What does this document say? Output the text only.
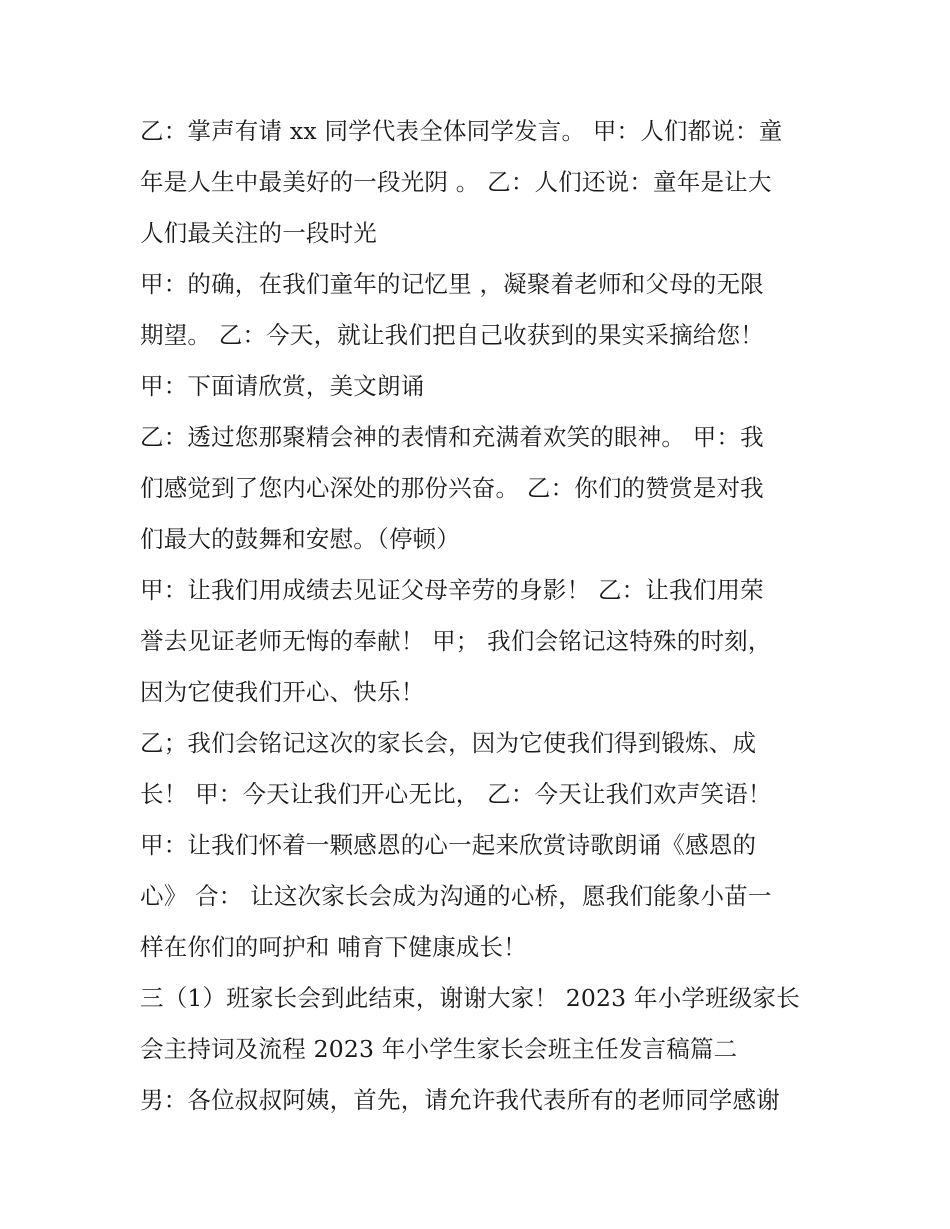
乙：掌声有请 xx 同学代表全体同学发言。 甲：人们都说：童
年是人生中最美好的一段光阴 。 乙：人们还说：童年是让大
人们最关注的一段时光

甲：的确，在我们童年的记忆里 ，凝聚着老师和父母的无限
期望。 乙：今天，就让我们把自己收获到的果实采摘给您！

甲：下面请欣赏，美文朗诵

乙：透过您那聚精会神的表情和充满着欢笑的眼神。 甲：我
们感觉到了您内心深处的那份兴奋。 乙：你们的赞赏是对我
们最大的鼓舞和安慰。（停顿）

甲：让我们用成绩去见证父母辛劳的身影！ 乙：让我们用荣
誉去见证老师无悔的奉献！ 甲； 我们会铭记这特殊的时刻，
因为它使我们开心、快乐！

乙；我们会铭记这次的家长会，因为它使我们得到锻炼、成
长！ 甲：今天让我们开心无比， 乙：今天让我们欢声笑语！

甲：让我们怀着一颗感恩的心一起来欣赏诗歌朗诵《感恩的
心》 合： 让这次家长会成为沟通的心桥，愿我们能象小苗一
样在你们的呵护和 哺育下健康成长！

三（1）班家长会到此结束，谢谢大家！ 2023 年小学班级家长
会主持词及流程 2023 年小学生家长会班主任发言稿篇二

男：各位叔叔阿姨，首先，请允许我代表所有的老师同学感谢
